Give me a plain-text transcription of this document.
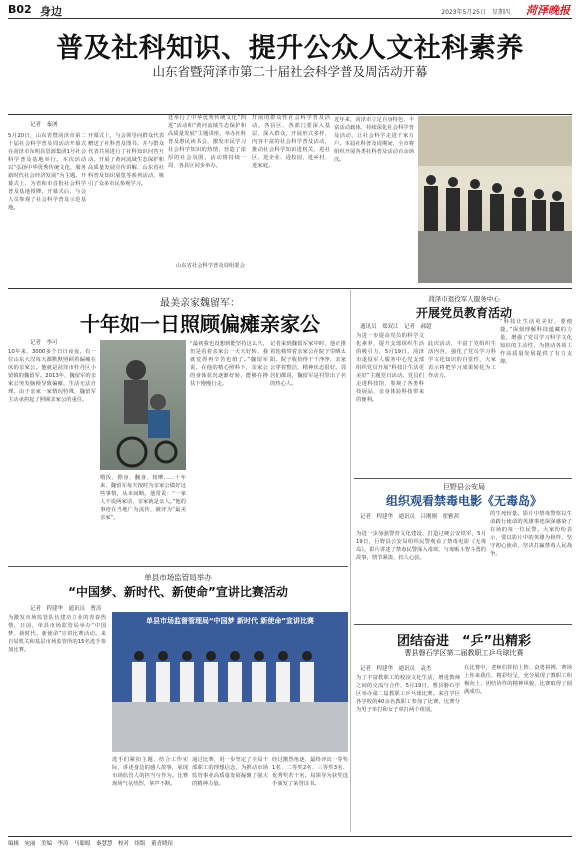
B02 身边	2023年5月25日　星期四 菏泽晚报
普及社科知识、提升公众人文社科素养
山东省暨菏泽市第二十届社会科学普及周活动开幕
记者　秦湧
5月20日，山东省暨菏泽市第二十届社会科学普及周活动开幕式在菏泽市东明县思源集团1号社会科学普及基地举行。本次活动以“弘扬中华优秀传统文化，服务新时代社会经济发展”为主题。开幕式上，为省和市首批社会科学普及基地授牌。开幕式后，与会人员参观了社会科学普及示范基地。
开幕式上，与会领导向群众代表赠送了社科普及图书，并与群众代表共同进行了社科知识问答互动。开展了黄河流域生态保护和高质量发展宣传讲解、山东省社科普及知识展览等系列活动，吸引了众多市民参观学习。
还举行了中华优秀传统文化“四进”活动和“黄河流域生态保护和高质量发展”主题讲座，举办社科普及惠民读书会，激发市民学习社会科学知识的热情，营造了浓厚的社会氛围。活动将持续一周，各县区同步举办。
山东省社会科学普及周组委会
开展的群众性社会科学普及活动。各县区、各部门要深入基层、深入群众，开展形式多样、内容丰富的社会科学普及活动，推动社会科学知识进机关、进社区、进企业、进校园、进乡村、进家庭。
近年来，菏泽市立足自身特色，丰富活动载体，持续深化社会科学普及活动，让社会科学走进千家万户。本届社科普及周期间，全市将组织开展各类社科普及活动百余场次。
最美亲家魏留军：
十年如一日照顾偏瘫亲家公
记者　李可
10年来，3000多个日日夜夜，有一位山东大汉每天都默默照顾着偏瘫在床的亲家公。他就是菏泽市牡丹区小留镇的魏留军。2013年，魏留军的亲家公突发脑梗导致偏瘫，生活无法自理。由于亲家一家情况特殊，魏留军主动承担起了照顾亲家公的重任。
喂饭、擦身、翻身、按摩……十年来，魏留军每天按时为亲家公做好这些事情，从未间断。他常说：“一家人不说两家话，亲家就是亲人。”他的事迹在当地广为流传，被评为“最美亲家”。
“最初我也没想到能坚持这么久，但是看着亲家公一天天好转，我就觉得再辛苦也值了。”魏留军说。在他的精心照料下，亲家公的身体状况逐渐好转，能够在搀扶下慢慢行走。
记者来到魏留军家中时，他正推着轮椅带着亲家公在院子里晒太阳。院子收拾得干干净净，亲家公穿着整洁，精神状态很好。邻居们都说，魏留军是村里出了名的热心人。
菏泽市退役军人服务中心
开展党员教育活动
通讯员　郑双江　记者　郝超
为进一步提高党员的科学文化素养，提升支部组织生活的吸引力，5月19日，菏泽市退役军人服务中心党支部组织党员开展“科技让生活更美好”主题党日活动。党员们走进科技馆，参观了各类科技展品，亲身体验科技带来的便利。
此次活动，丰富了党组织生活内容，强化了党员学习科学文化知识的自觉性，大家表示将把学习成果转化为工作动力。
“科技让生活更美好，要便捷。”深刻理解科技蕴藏的力量，增强了党员学习科学文化知识的主动性，为推动各项工作高质量发展提供了有力支撑。
巨野县公安局
组织观看禁毒电影《无毒岛》
记者　程建华　通讯员　吕刚刚　翟雅茜
为进一步加强警营文化建设，打造过硬公安铁军，5月19日，巨野县公安局组织民警观看了禁毒电影《无毒岛》。影片讲述了禁毒民警深入毒窝、与毒贩斗智斗勇的故事，情节紧凑，扣人心弦。
的生死较量。影片中禁毒警察以生命践行使命的英雄事迹深深感染了在场的每一位民警。大家纷纷表示，要以影片中的英雄为榜样，坚守初心使命，坚决打赢禁毒人民战争。
团结奋进　“乒”出精彩
曹县磐石学区第二届教职工乒乓球比赛
记者　程建华　通讯员　袁杰
为了丰富教职工的校园文化生活，增进教师之间的交流与合作，5月19日，曹县磐石学区举办第二届教职工乒乓球比赛。来自学区各学校的40余名教职工参加了比赛。比赛分为男子单打和女子单打两个组别。
在比赛中，老师们挥拍上阵、奋勇拼搏，赛场上你来我往，精彩纷呈，充分展现了教职工积极向上、团结协作的精神风貌，比赛取得了圆满成功。
单县市场监管局举办
“中国梦、新时代、新使命”宣讲比赛活动
记者　程建华　通讯员　曹涛
为激发市场监管队伍建功立业的青春热情，日前，单县市场监管局举办“中国梦、新时代、新使命”宣讲比赛活动。来自局机关和基层市场监管所的15名选手参加比赛。
单县市场监督管理局“中国梦 新时代 新使命”宣讲比赛
选手们紧扣主题，结合工作实际，讲述身边的感人故事，展现市场监管人的担当与作为。比赛现场气氛热烈，掌声不断。
通过比赛，进一步坚定了全局干部职工的理想信念，为推动市场监管事业高质量发展凝聚了强大的精神力量。
经过激烈角逐，最终评出一等奖1名、二等奖2名、三等奖3名、优秀奖若干名。局领导为获奖选手颁发了荣誉证书。
编辑　宛丽　美编　李涛　马聪聪　秦慧慧　校对　组版　董青晓瑄
